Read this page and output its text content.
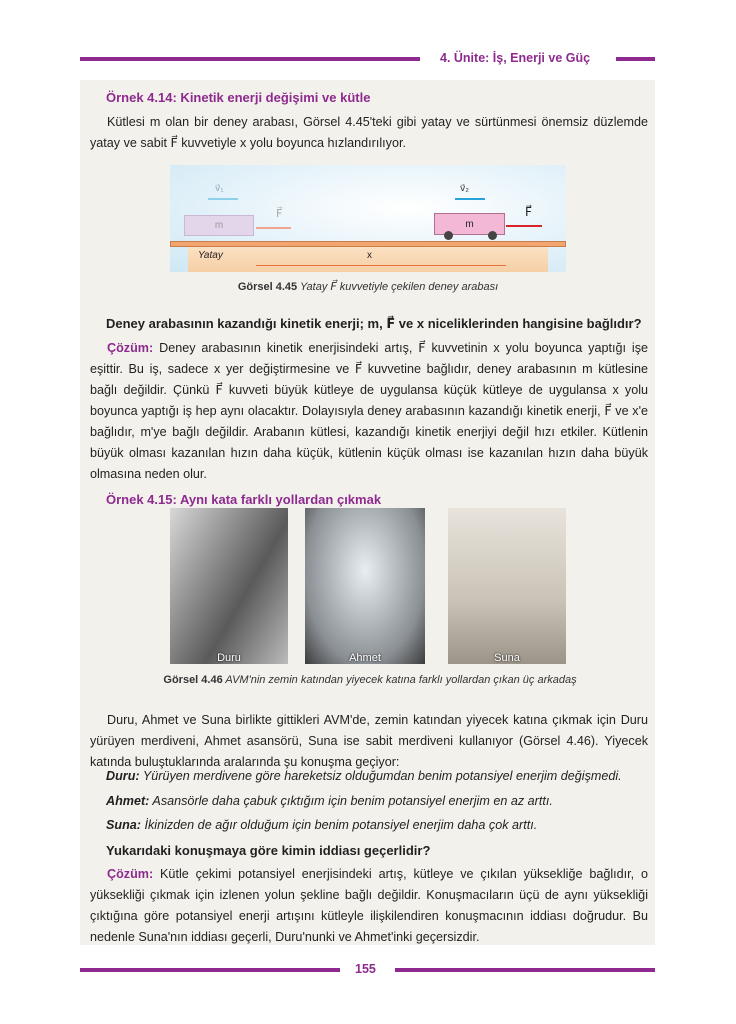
4. Ünite: İş, Enerji ve Güç
Örnek 4.14: Kinetik enerji değişimi ve kütle
Kütlesi m olan bir deney arabası, Görsel 4.45'teki gibi yatay ve sürtünmesi önemsiz düzlemde yatay ve sabit F⃗ kuvvetiyle x yolu boyunca hızlandırılıyor.
v⃗₁	v⃗₂
m
F⃗
m
F⃗
Yatay	x
Görsel 4.45 Yatay F⃗ kuvvetiyle çekilen deney arabası
Deney arabasının kazandığı kinetik enerji; m, F⃗ ve x niceliklerinden hangisine bağlıdır?
Çözüm: Deney arabasının kinetik enerjisindeki artış, F⃗ kuvvetinin x yolu boyunca yaptığı işe eşittir. Bu iş, sadece x yer değiştirmesine ve F⃗ kuvvetine bağlıdır, deney arabasının m kütlesine bağlı değildir. Çünkü F⃗ kuvveti büyük kütleye de uygulansa küçük kütleye de uygulansa x yolu boyunca yaptığı iş hep aynı olacaktır. Dolayısıyla deney arabasının kazandığı kinetik enerji, F⃗ ve x'e bağlıdır, m'ye bağlı değildir. Arabanın kütlesi, kazandığı kinetik enerjiyi değil hızı etkiler. Kütlenin büyük olması kazanılan hızın daha küçük, kütlenin küçük olması ise kazanılan hızın daha büyük olmasına neden olur.
Örnek 4.15: Aynı kata farklı yollardan çıkmak
Duru	Ahmet	Suna
Görsel 4.46 AVM'nin zemin katından yiyecek katına farklı yollardan çıkan üç arkadaş
Duru, Ahmet ve Suna birlikte gittikleri AVM'de, zemin katından yiyecek katına çıkmak için Duru yürüyen merdiveni, Ahmet asansörü, Suna ise sabit merdiveni kullanıyor (Görsel 4.46). Yiyecek katında buluştuklarında aralarında şu konuşma geçiyor:
Duru: Yürüyen merdivene göre hareketsiz olduğumdan benim potansiyel enerjim değişmedi.
Ahmet: Asansörle daha çabuk çıktığım için benim potansiyel enerjim en az arttı.
Suna: İkinizden de ağır olduğum için benim potansiyel enerjim daha çok arttı.
Yukarıdaki konuşmaya göre kimin iddiası geçerlidir?
Çözüm: Kütle çekimi potansiyel enerjisindeki artış, kütleye ve çıkılan yüksekliğe bağlıdır, o yüksekliği çıkmak için izlenen yolun şekline bağlı değildir. Konuşmacıların üçü de aynı yüksekliği çıktığına göre potansiyel enerji artışını kütleyle ilişkilendiren konuşmacının iddiası doğrudur. Bu nedenle Suna'nın iddiası geçerli, Duru'nunki ve Ahmet'inki geçersizdir.
155
